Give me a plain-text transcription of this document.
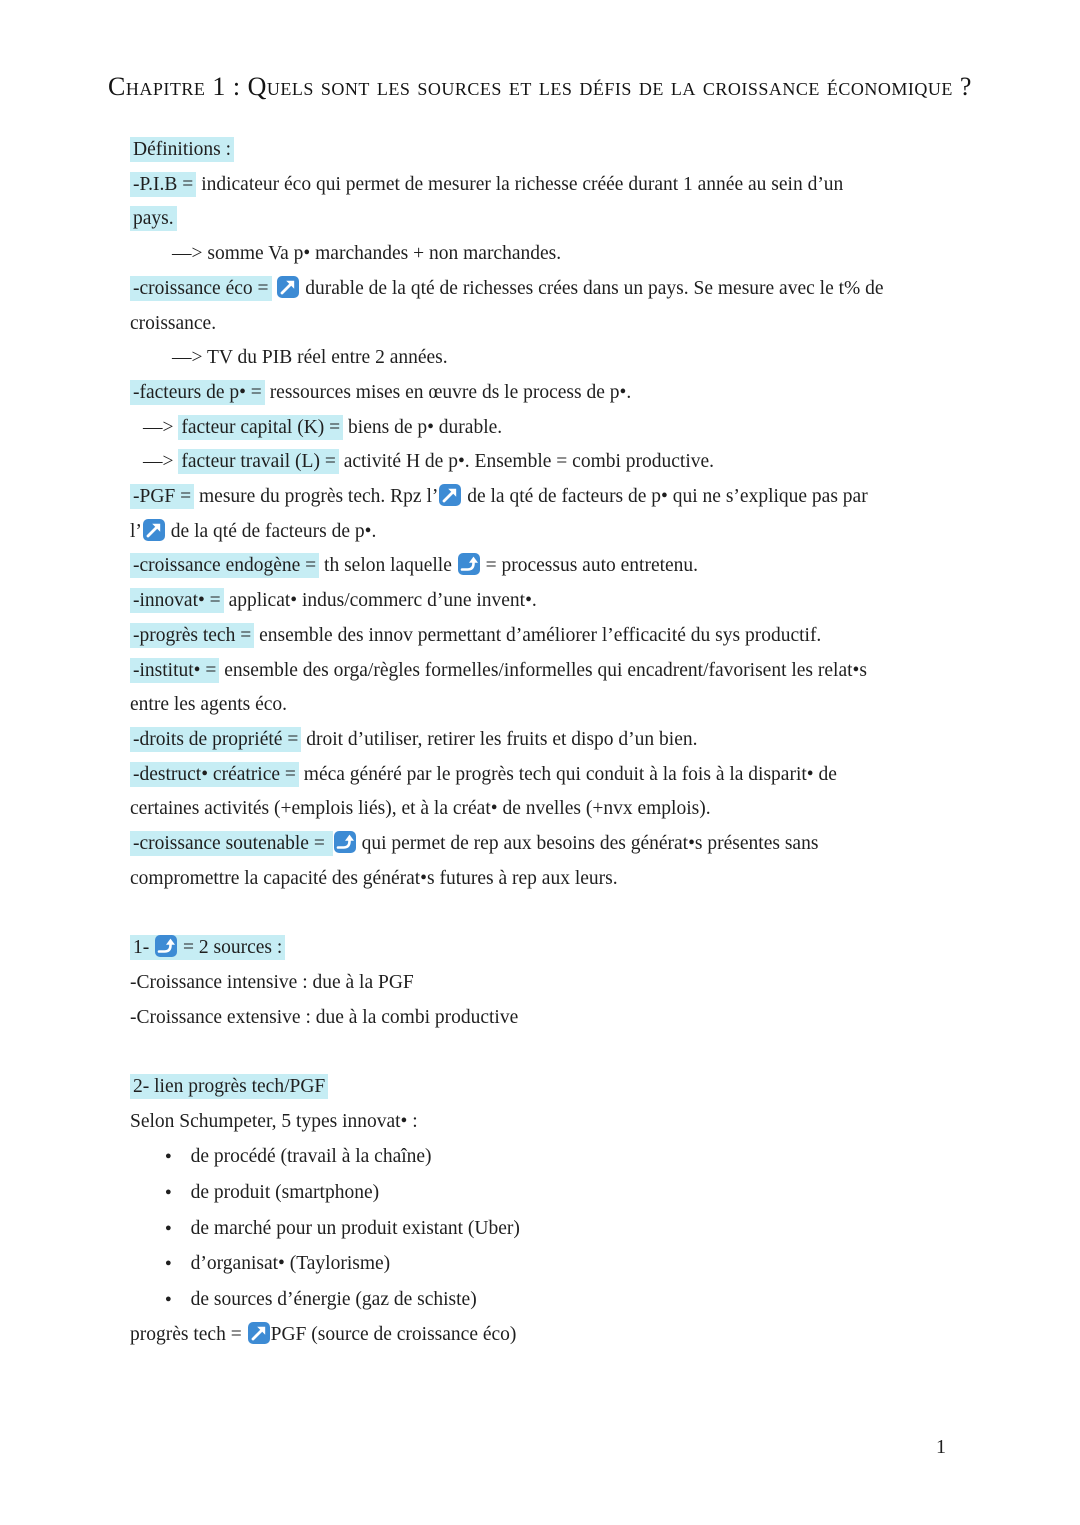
Chapitre 1 : Quels sont les sources et les défis de la croissance économique ?
Définitions :
-P.I.B = indicateur éco qui permet de mesurer la richesse créée durant 1 année au sein d’un
pays.
—> somme Va p• marchandes + non marchandes.
-croissance éco =
durable de la qté de richesses crées dans un pays. Se mesure avec le t% de
croissance.
—> TV du PIB réel entre 2 années.
-facteurs de p• = ressources mises en œuvre ds le process de p•.
—> facteur capital (K) = biens de p• durable.
—> facteur travail (L) = activité H de p•. Ensemble = combi productive.
-PGF = mesure du progrès tech. Rpz l’
de la qté de facteurs de p• qui ne s’explique pas par
l’
de la qté de facteurs de p•.
-croissance endogène = th selon laquelle
= processus auto entretenu.
-innovat• = applicat• indus/commerc d’une invent•.
-progrès tech = ensemble des innov permettant d’améliorer l’efficacité du sys productif.
-institut• = ensemble des orga/règles formelles/informelles qui encadrent/favorisent les relat•s
entre les agents éco.
-droits de propriété = droit d’utiliser, retirer les fruits et dispo d’un bien.
-destruct• créatrice = méca généré par le progrès tech qui conduit à la fois à la disparit• de
certaines activités (+emplois liés), et à la créat• de nvelles (+nvx emplois).
-croissance soutenable =
qui permet de rep aux besoins des générat•s présentes sans
compromettre la capacité des générat•s futures à rep aux leurs.
1-
= 2 sources :
-Croissance intensive : due à la PGF
-Croissance extensive : due à la combi productive
2- lien progrès tech/PGF
Selon Schumpeter, 5 types innovat• :
● de procédé (travail à la chaîne)
● de produit (smartphone)
● de marché pour un produit existant (Uber)
● d’organisat• (Taylorisme)
● de sources d’énergie (gaz de schiste)
progrès tech =
PGF (source de croissance éco)
1
